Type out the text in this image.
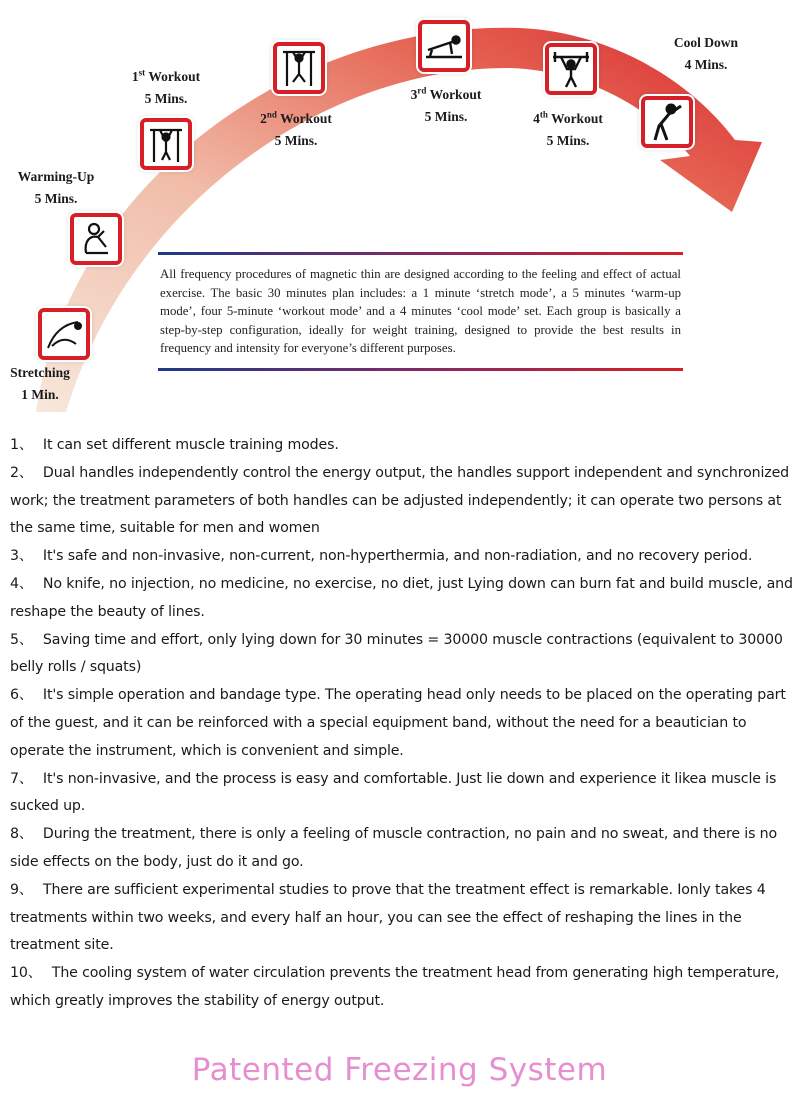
Stretching
1 Min.
Warming-Up
5 Mins.
1st Workout
5 Mins.
2nd Workout
5 Mins.
3rd Workout
5 Mins.	4th Workout
5 Mins.
Cool Down
4 Mins.

All frequency procedures of magnetic thin are designed according to the feeling and effect of actual exercise. The basic 30 minutes plan includes: a 1 minute ‘stretch mode’, a 5 minutes ‘warm-up mode’, four 5-minute ‘workout mode’ and a 4 minutes ‘cool mode’ set. Each group is basically a step-by-step configuration, ideally for weight training, designed to provide the best results in frequency and intensity for everyone’s different purposes.

1、 It can set different muscle training modes.

2、 Dual handles independently control the energy output, the handles support independent and synchronized work; the treatment parameters of both handles can be adjusted independently; it can operate two persons at the same time, suitable for men and women

3、 It's safe and non-invasive, non-current, non-hyperthermia, and non-radiation, and no recovery period.

4、 No knife, no injection, no medicine, no exercise, no diet, just Lying down can burn fat and build muscle, and reshape the beauty of lines.

5、 Saving time and effort, only lying down for 30 minutes = 30000 muscle contractions (equivalent to 30000 belly rolls / squats)

6、 It's simple operation and bandage type. The operating head only needs to be placed on the operating part of the guest, and it can be reinforced with a special equipment band, without the need for a beautician to operate the instrument, which is convenient and simple.

7、 It's non-invasive, and the process is easy and comfortable. Just lie down and experience it likea muscle is sucked up.

8、 During the treatment, there is only a feeling of muscle contraction, no pain and no sweat, and there is no side effects on the body, just do it and go.

9、 There are sufficient experimental studies to prove that the treatment effect is remarkable. Ionly takes 4 treatments within two weeks, and every half an hour, you can see the effect of reshaping the lines in the treatment site.

10、 The cooling system of water circulation prevents the treatment head from generating high temperature, which greatly improves the stability of energy output.

Patented Freezing System
